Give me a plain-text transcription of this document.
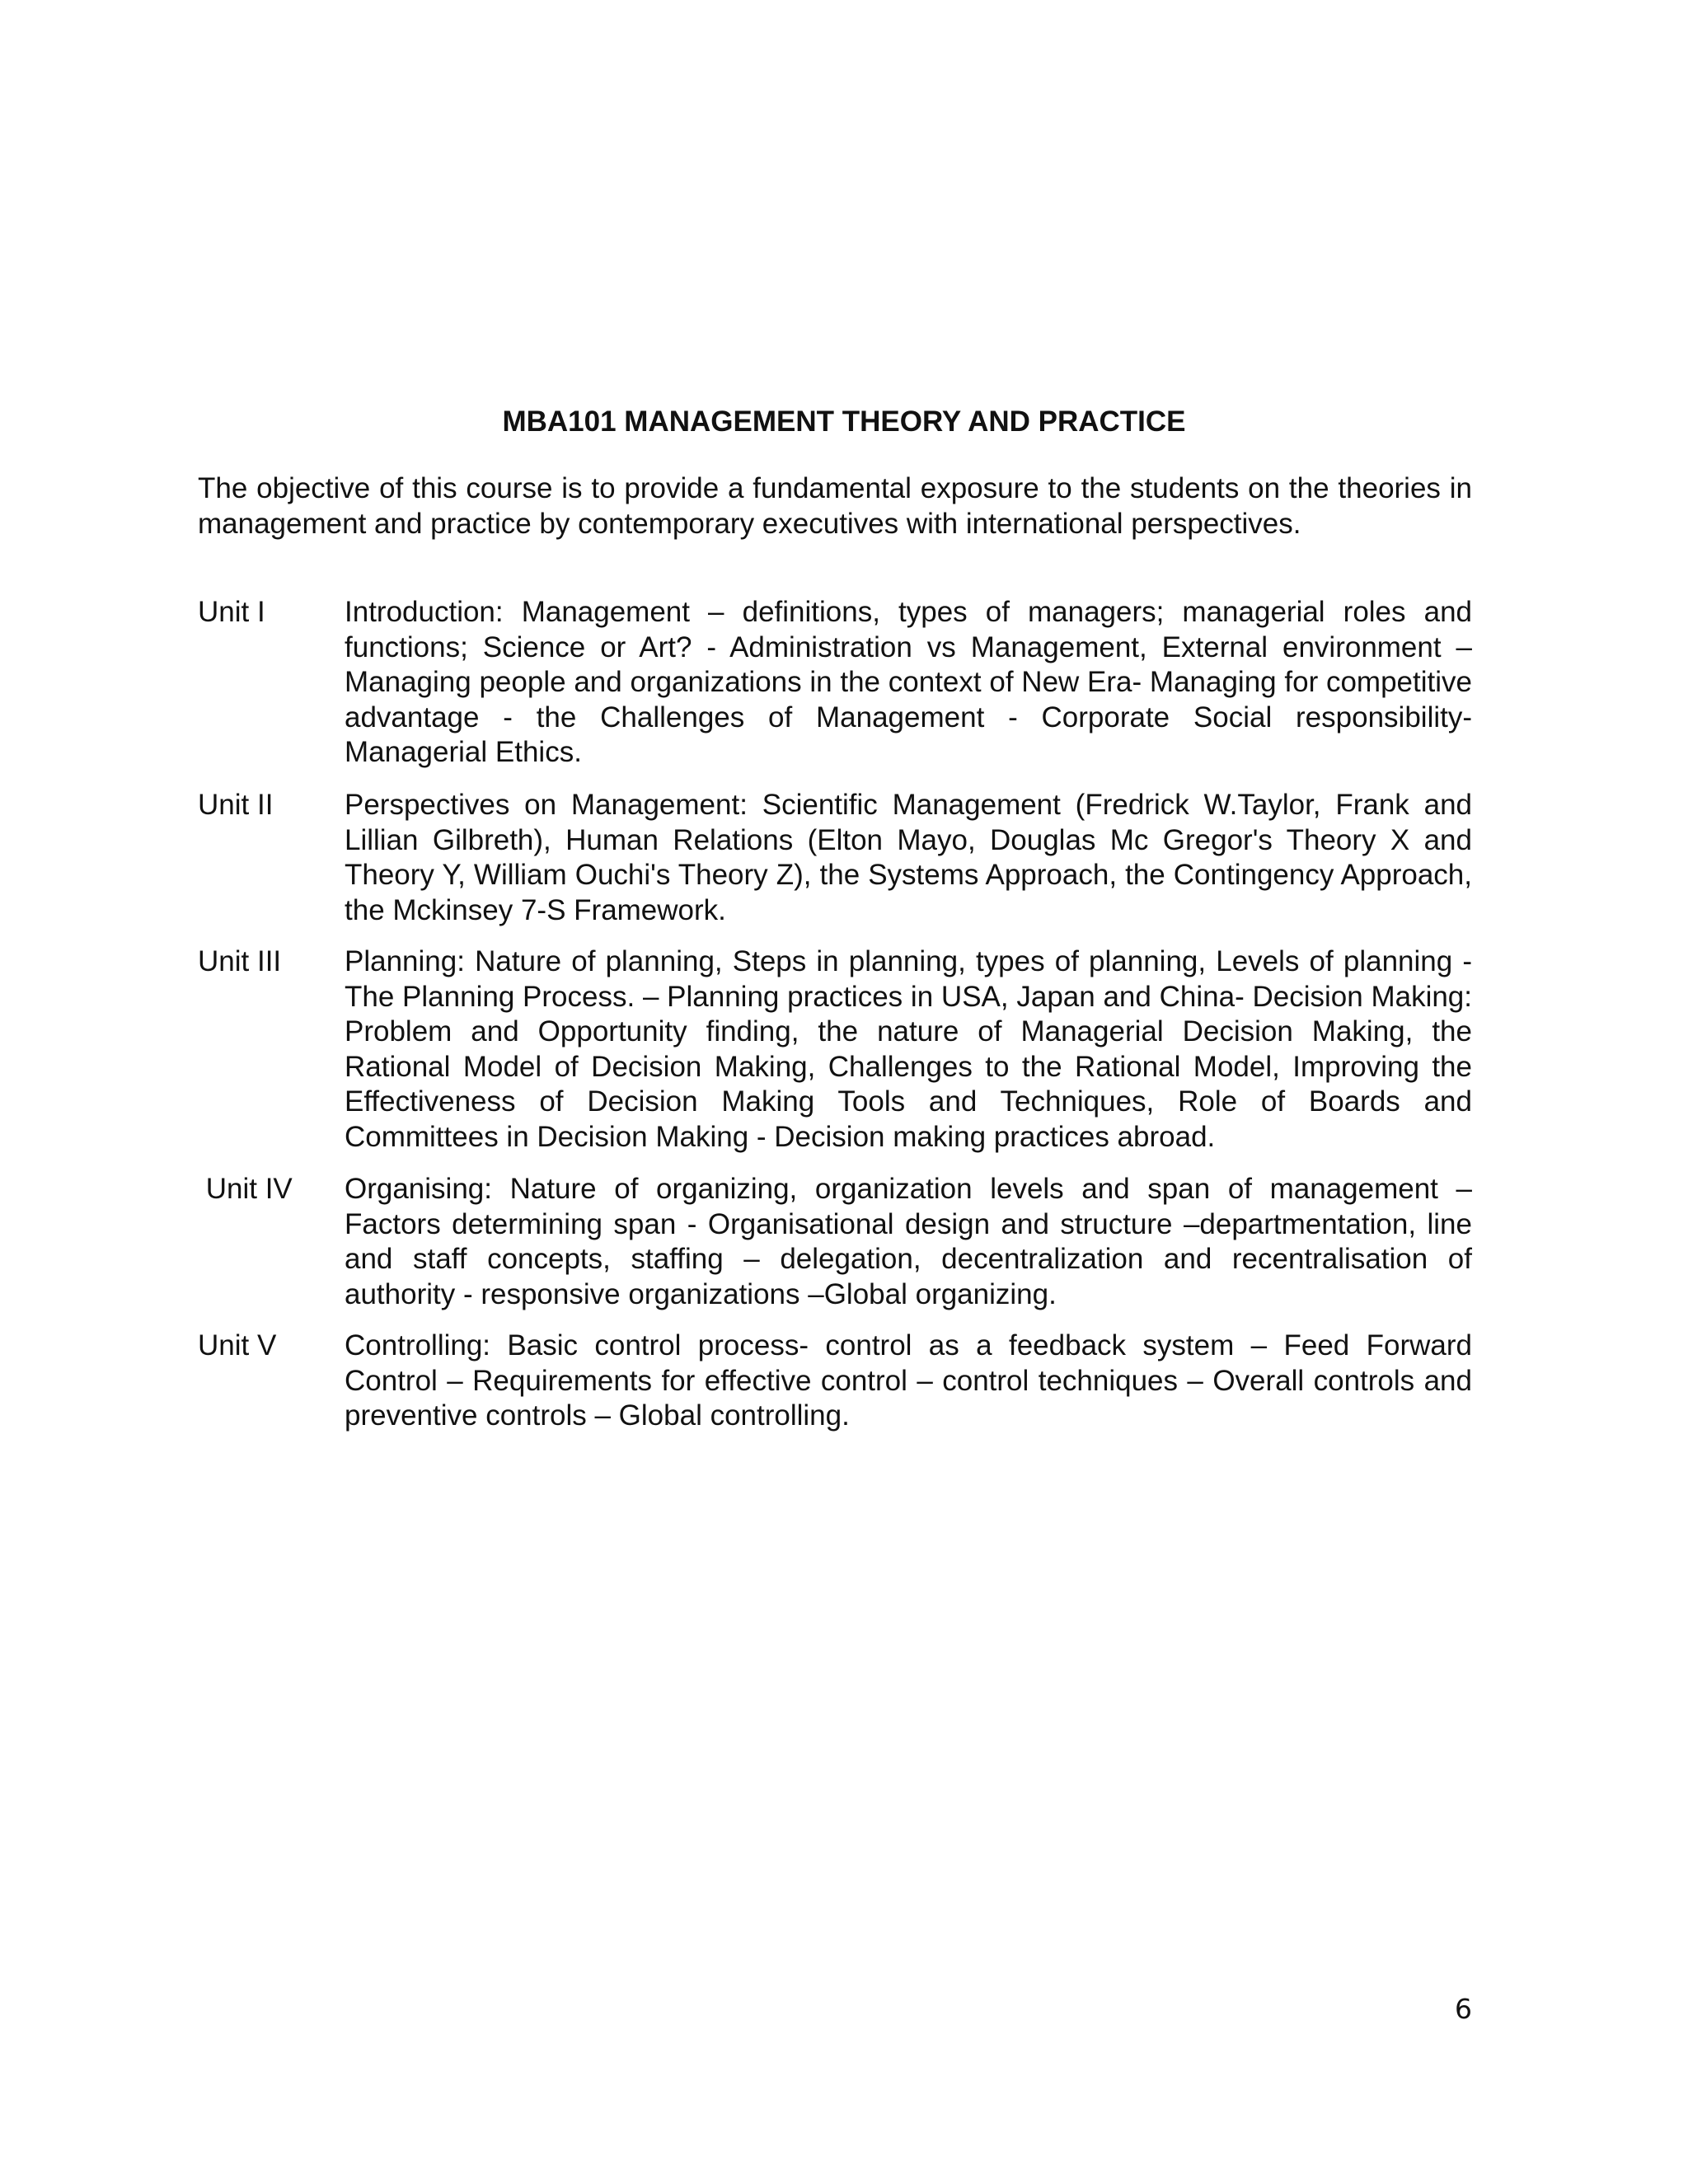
MBA101 MANAGEMENT THEORY AND PRACTICE

The objective of this course is to provide a fundamental exposure to the students on the theories in management and practice by contemporary executives with international perspectives.

Unit I	Introduction: Management – definitions, types of managers; managerial roles and functions; Science or Art? - Administration vs Management, External environment – Managing people and organizations in the context of New Era- Managing for competitive advantage - the Challenges of Management - Corporate Social responsibility- Managerial Ethics.

Unit II	Perspectives on Management: Scientific Management (Fredrick W.Taylor, Frank and Lillian Gilbreth), Human Relations (Elton Mayo, Douglas Mc Gregor's Theory X and Theory Y, William Ouchi's Theory Z), the Systems Approach, the Contingency Approach, the Mckinsey 7-S Framework.

Unit III	Planning: Nature of planning, Steps in planning, types of planning, Levels of planning - The Planning Process. – Planning practices in USA, Japan and China- Decision Making: Problem and Opportunity finding, the nature of Managerial Decision Making, the Rational Model of Decision Making, Challenges to the Rational Model, Improving the Effectiveness of Decision Making Tools and Techniques, Role of Boards and Committees in Decision Making - Decision making practices abroad.

Unit IV	Organising: Nature of organizing, organization levels and span of management – Factors determining span - Organisational design and structure –departmentation, line and staff concepts, staffing – delegation, decentralization and recentralisation of authority - responsive organizations –Global organizing.

Unit V	Controlling: Basic control process- control as a feedback system – Feed Forward Control – Requirements for effective control – control techniques – Overall controls and preventive controls – Global controlling.

6
